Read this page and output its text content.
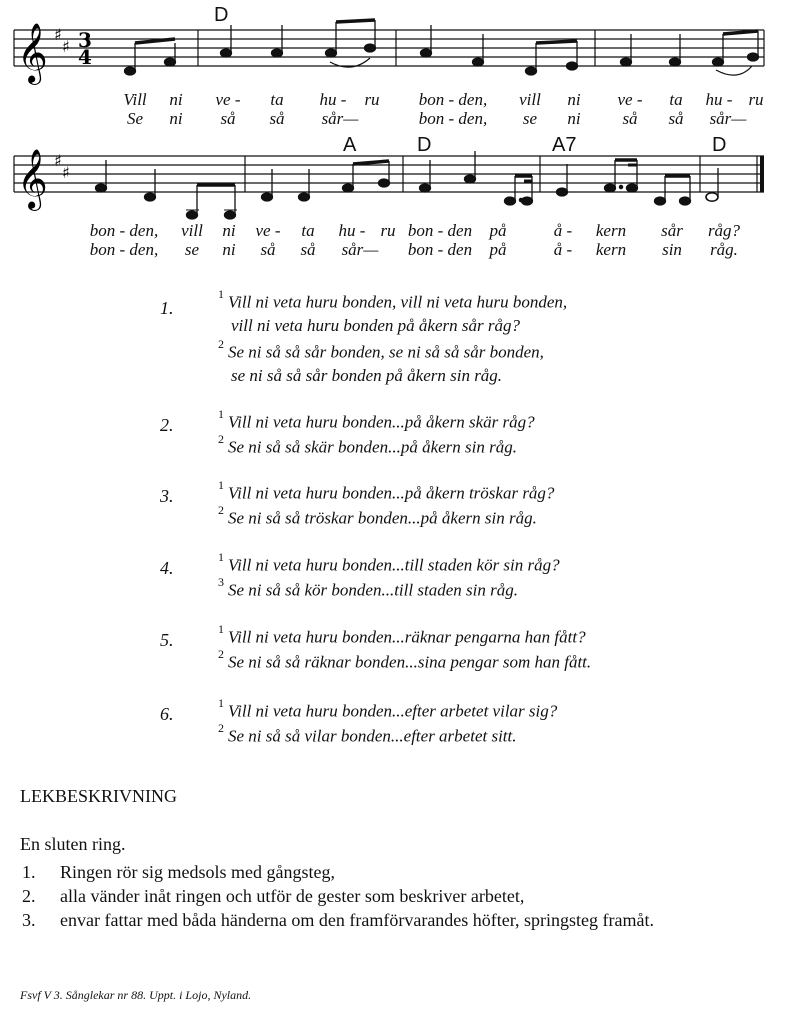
𝄞 ♯
♯ 3
4
D
Vill ni ve - ta hu - ru bon - den, vill ni ve - ta hu - ru
Se ni så så sår—	bon - den, se ni så så sår—
𝄞 ♯
♯
A	D	A7	D
bon - den, vill ni ve - ta hu - ru bon - den på	å - kern sår råg?
bon - den, se ni så så sår— bon - den på	å - kern sin råg.
1.
$^1$ Vill ni veta huru bonden, vill ni veta huru bonden,
vill ni veta huru bonden på åkern sår råg?
$^2$ Se ni så så sår bonden, se ni så så sår bonden,
se ni så så sår bonden på åkern sin råg.
2.
$^1$ Vill ni veta huru bonden...på åkern skär råg?
$^2$ Se ni så så skär bonden...på åkern sin råg.
3.
$^1$ Vill ni veta huru bonden...på åkern tröskar råg?
$^2$ Se ni så så tröskar bonden...på åkern sin råg.
4.
$^1$ Vill ni veta huru bonden...till staden kör sin råg?
$^3$ Se ni så så kör bonden...till staden sin råg.
5.
$^1$ Vill ni veta huru bonden...räknar pengarna han fått?
$^2$ Se ni så så räknar bonden...sina pengar som han fått.
6.
$^1$ Vill ni veta huru bonden...efter arbetet vilar sig?
$^2$ Se ni så så vilar bonden...efter arbetet sitt.
LEKBESKRIVNING
En sluten ring.
1. Ringen rör sig medsols med gångsteg,
2. alla vänder inåt ringen och utför de gester som beskriver arbetet,
3. envar fattar med båda händerna om den framförvarandes höfter, springsteg framåt.
Fsvf V 3. Sånglekar nr 88. Uppt. i Lojo, Nyland.
